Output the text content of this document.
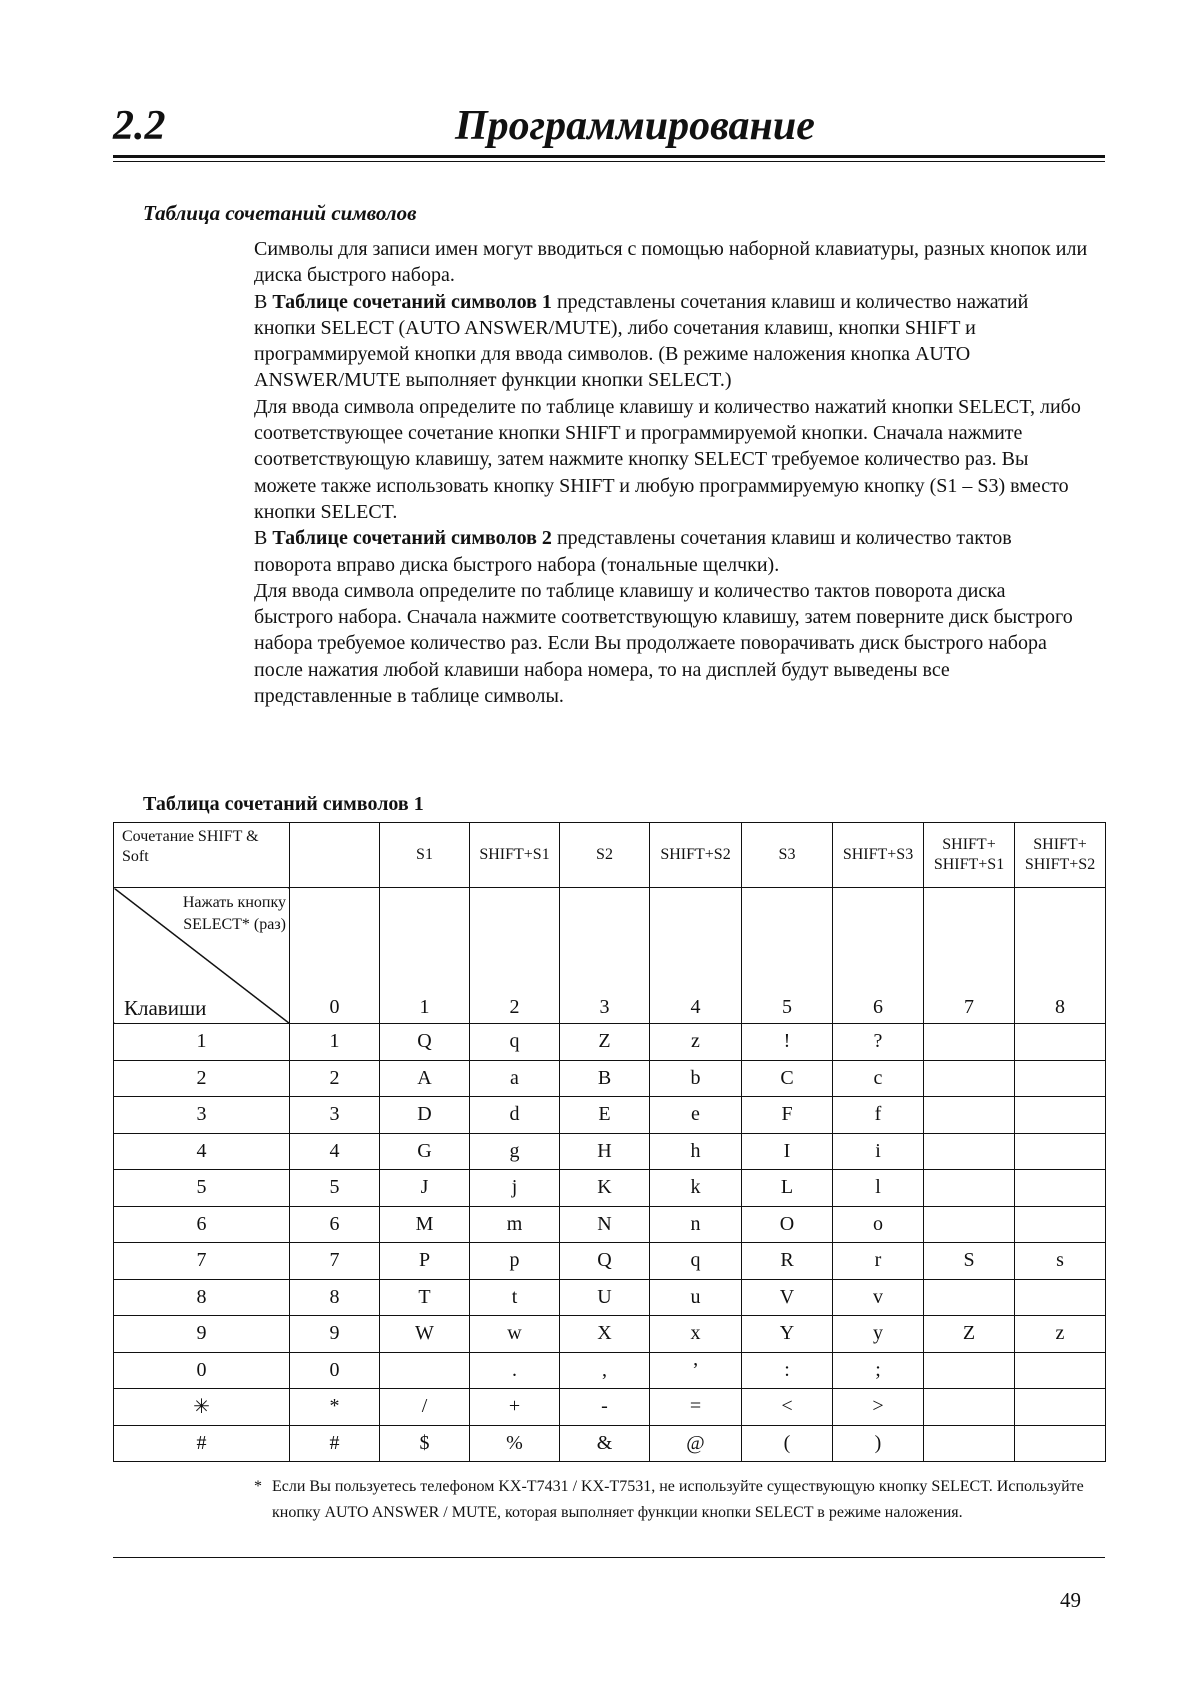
2.2	Программирование
Таблица сочетаний символов

Символы для записи имен могут вводиться с помощью наборной клавиатуры, разных кнопок или диска быстрого набора.

В Таблице сочетаний символов 1 представлены сочетания клавиш и количество нажатий кнопки SELECT (AUTO ANSWER/MUTE), либо сочетания клавиш, кнопки SHIFT и программируемой кнопки для ввода символов. (В режиме наложения кнопка AUTO ANSWER/MUTE выполняет функции кнопки SELECT.)

Для ввода символа определите по таблице клавишу и количество нажатий кнопки SELECT, либо соответствующее сочетание кнопки SHIFT и программируемой кнопки. Сначала нажмите соответствующую клавишу, затем нажмите кнопку SELECT требуемое количество раз. Вы можете также использовать кнопку SHIFT и любую программируемую кнопку (S1 – S3) вместо кнопки SELECT.

В Таблице сочетаний символов 2 представлены сочетания клавиш и количество тактов поворота вправо диска быстрого набора (тональные щелчки).

Для ввода символа определите по таблице клавишу и количество тактов поворота диска быстрого набора. Сначала нажмите соответствующую клавишу, затем поверните диск быстрого набора требуемое количество раз. Если Вы продолжаете поворачивать диск быстрого набора после нажатия любой клавиши набора номера, то на дисплей будут выведены все представленные в таблице символы.

Таблица сочетаний символов 1
Сочетание SHIFT & Soft		S1	SHIFT+S1	S2	SHIFT+S2	S3	SHIFT+S3	SHIFT+ SHIFT+S1	SHIFT+ SHIFT+S2

Нажать кнопку SELECT* (раз)
Клавиши	0	1	2	3	4	5	6	7	8
1	1	Q	q	Z	z	!	?		
2	2	A	a	B	b	C	c		
3	3	D	d	E	e	F	f		
4	4	G	g	H	h	I	i		
5	5	J	j	K	k	L	l		
6	6	M	m	N	n	O	o		
7	7	P	p	Q	q	R	r	S	s
8	8	T	t	U	u	V	v		
9	9	W	w	X	x	Y	y	Z	z
0	0		.	,	’	:	;		
✳	*	/	+	-	=	<	>		
#	#	$	%	&	@	(	)		
* Если Вы пользуетесь телефоном KX-T7431 / KX-T7531, не используйте существующую кнопку SELECT. Используйте кнопку AUTO ANSWER / MUTE, которая выполняет функции кнопки SELECT в режиме наложения.
49
